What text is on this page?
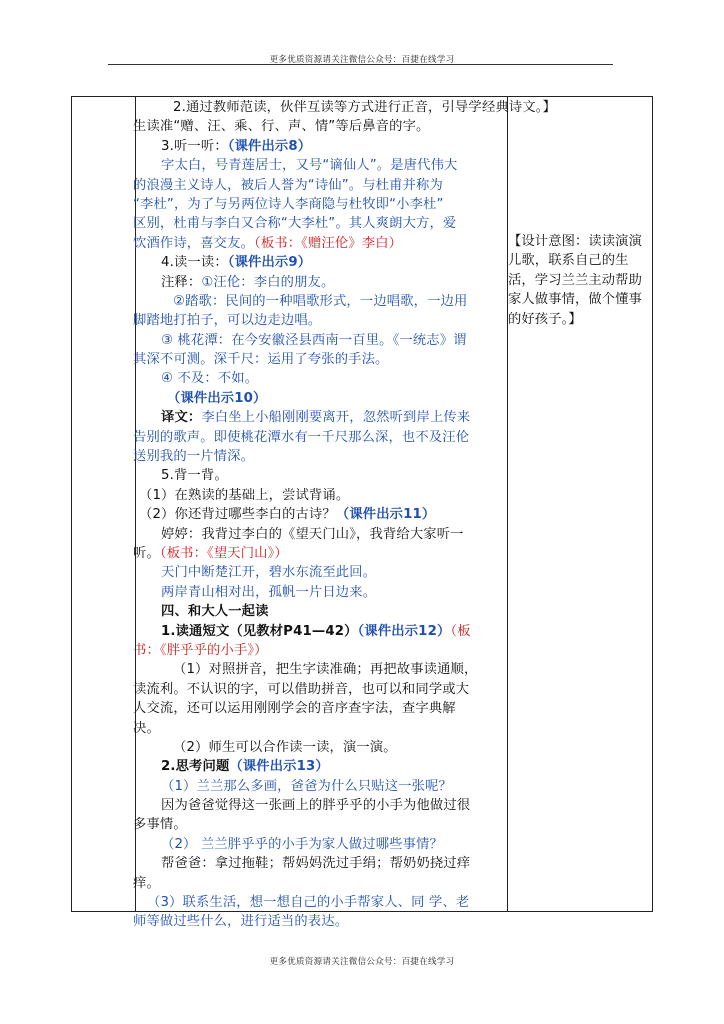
更多优质资源请关注微信公众号：百捷在线学习
2.通过教师范读，伙伴互读等方式进行正音，引导学 经典诗文。】
生读准“赠、汪、乘、行、声、情”等后鼻音的字。
3.听一听：（课件出示8）
字太白，号青莲居士，又号“谪仙人”。是唐代伟大
的浪漫主义诗人，被后人誉为“诗仙”。与杜甫并称为
“李杜”，为了与另两位诗人李商隐与杜牧即“小李杜”
区别，杜甫与李白又合称“大李杜”。其人爽朗大方，爱
饮酒作诗，喜交友。（板书：《赠汪伦》李白）
4.读一读：（课件出示9）
注释：①汪伦：李白的朋友。
②踏歌：民间的一种唱歌形式，一边唱歌，一边用
脚踏地打拍子，可以边走边唱。
③ 桃花潭：在今安徽泾县西南一百里。《一统志》谓
其深不可测。深千尺：运用了夸张的手法。
④ 不及：不如。
（课件出示10）
译文：李白坐上小船刚刚要离开，忽然听到岸上传来
告别的歌声。即使桃花潭水有一千尺那么深，也不及汪伦
送别我的一片情深。
5.背一背。
（1）在熟读的基础上，尝试背诵。
（2）你还背过哪些李白的古诗？（课件出示11）
婷婷：我背过李白的《望天门山》，我背给大家听一
听。（板书：《望天门山》）
天门中断楚江开，碧水东流至此回。
两岸青山相对出，孤帆一片日边来。
四、和大人一起读
1.读通短文（见教材P41—42）（课件出示12）（板
书：《胖乎乎的小手》）
（1）对照拼音，把生字读准确；再把故事读通顺，
读流利。不认识的字，可以借助拼音，也可以和同学或大
人交流，还可以运用刚刚学会的音序查字法，查字典解
决。
（2）师生可以合作读一读，演一演。
2.思考问题（课件出示13）
（1）兰兰那么多画，爸爸为什么只贴这一张呢？
因为爸爸觉得这一张画上的胖乎乎的小手为他做过很
多事情。
（2） 兰兰胖乎乎的小手为家人做过哪些事情？
帮爸爸：拿过拖鞋；帮妈妈洗过手绢；帮奶奶挠过痒
痒。
（3）联系生活，想一想自己的小手帮家人、同 学、老
师等做过些什么，进行适当的表达。
【设计意图：读读演演
儿歌，联系自己的生
活，学习兰兰主动帮助
家人做事情，做个懂事
的好孩子。】
更多优质资源请关注微信公众号：百捷在线学习
